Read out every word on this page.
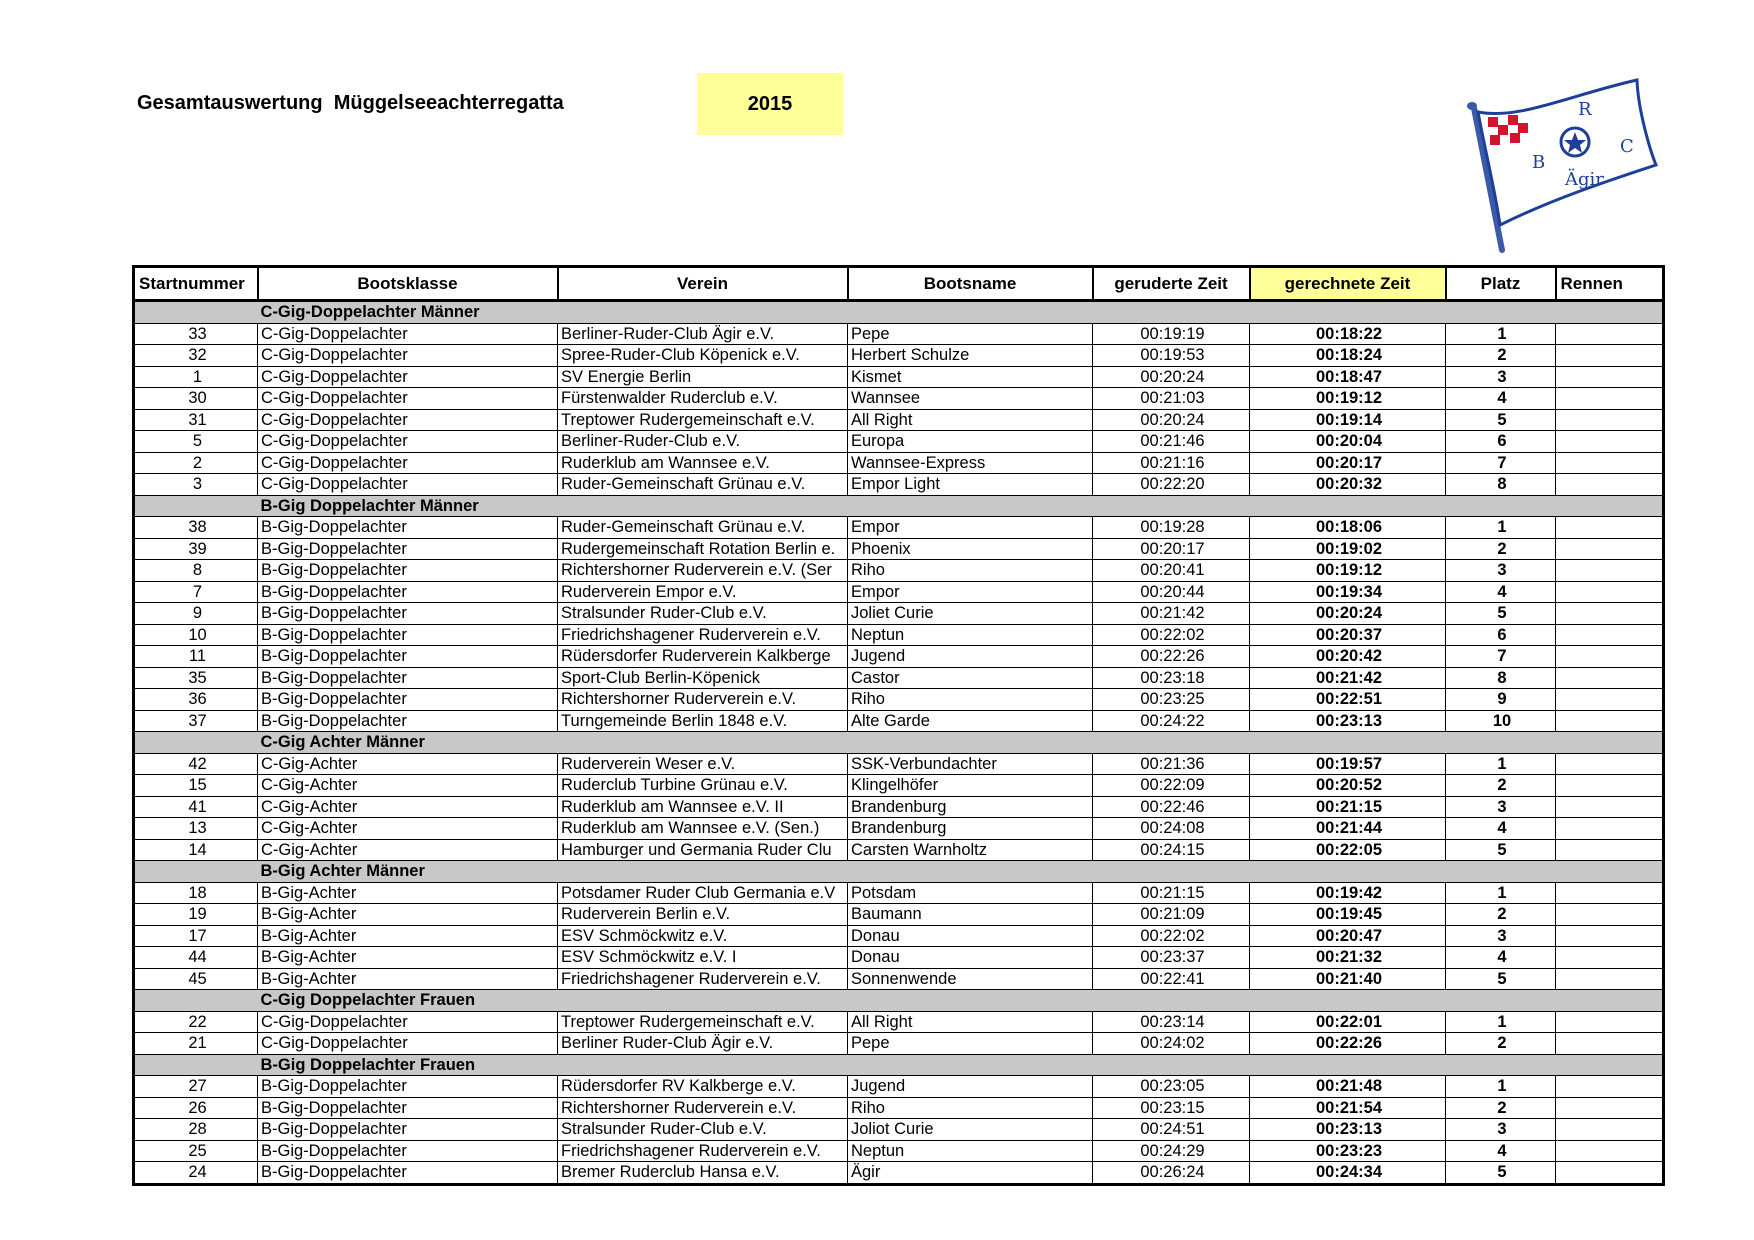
Gesamtauswertung  Müggelseeachterregatta	2015	R
B
C
Ägir
Startnummer	Bootsklasse	Verein	Bootsname	geruderte Zeit	gerechnete Zeit	Platz	Rennen
	C-Gig-Doppelachter Männer						
33	C-Gig-Doppelachter	Berliner-Ruder-Club Ägir e.V.	Pepe	00:19:19	00:18:22	1	
32	C-Gig-Doppelachter	Spree-Ruder-Club Köpenick e.V.	Herbert Schulze	00:19:53	00:18:24	2	
1	C-Gig-Doppelachter	SV Energie Berlin	Kismet	00:20:24	00:18:47	3	
30	C-Gig-Doppelachter	Fürstenwalder Ruderclub e.V.	Wannsee	00:21:03	00:19:12	4	
31	C-Gig-Doppelachter	Treptower Rudergemeinschaft e.V.	All Right	00:20:24	00:19:14	5	
5	C-Gig-Doppelachter	Berliner-Ruder-Club e.V.	Europa	00:21:46	00:20:04	6	
2	C-Gig-Doppelachter	Ruderklub am Wannsee e.V.	Wannsee-Express	00:21:16	00:20:17	7	
3	C-Gig-Doppelachter	Ruder-Gemeinschaft Grünau e.V.	Empor Light	00:22:20	00:20:32	8	
	B-Gig Doppelachter Männer						
38	B-Gig-Doppelachter	Ruder-Gemeinschaft Grünau e.V.	Empor	00:19:28	00:18:06	1	
39	B-Gig-Doppelachter	Rudergemeinschaft Rotation Berlin e.	Phoenix	00:20:17	00:19:02	2	
8	B-Gig-Doppelachter	Richtershorner Ruderverein e.V. (Ser	Riho	00:20:41	00:19:12	3	
7	B-Gig-Doppelachter	Ruderverein Empor e.V.	Empor	00:20:44	00:19:34	4	
9	B-Gig-Doppelachter	Stralsunder Ruder-Club e.V.	Joliet Curie	00:21:42	00:20:24	5	
10	B-Gig-Doppelachter	Friedrichshagener Ruderverein e.V.	Neptun	00:22:02	00:20:37	6	
11	B-Gig-Doppelachter	Rüdersdorfer Ruderverein Kalkberge	Jugend	00:22:26	00:20:42	7	
35	B-Gig-Doppelachter	Sport-Club Berlin-Köpenick	Castor	00:23:18	00:21:42	8	
36	B-Gig-Doppelachter	Richtershorner Ruderverein e.V.	Riho	00:23:25	00:22:51	9	
37	B-Gig-Doppelachter	Turngemeinde Berlin 1848 e.V.	Alte Garde	00:24:22	00:23:13	10	
	C-Gig Achter Männer						
42	C-Gig-Achter	Ruderverein Weser e.V.	SSK-Verbundachter	00:21:36	00:19:57	1	
15	C-Gig-Achter	Ruderclub Turbine Grünau e.V.	Klingelhöfer	00:22:09	00:20:52	2	
41	C-Gig-Achter	Ruderklub am Wannsee e.V. II	Brandenburg	00:22:46	00:21:15	3	
13	C-Gig-Achter	Ruderklub am Wannsee e.V. (Sen.)	Brandenburg	00:24:08	00:21:44	4	
14	C-Gig-Achter	Hamburger und Germania Ruder Clu	Carsten Warnholtz	00:24:15	00:22:05	5	
	B-Gig Achter Männer						
18	B-Gig-Achter	Potsdamer Ruder Club Germania e.V	Potsdam	00:21:15	00:19:42	1	
19	B-Gig-Achter	Ruderverein Berlin e.V.	Baumann	00:21:09	00:19:45	2	
17	B-Gig-Achter	ESV Schmöckwitz e.V.	Donau	00:22:02	00:20:47	3	
44	B-Gig-Achter	ESV Schmöckwitz e.V. I	Donau	00:23:37	00:21:32	4	
45	B-Gig-Achter	Friedrichshagener Ruderverein e.V.	Sonnenwende	00:22:41	00:21:40	5	
	C-Gig Doppelachter Frauen						
22	C-Gig-Doppelachter	Treptower Rudergemeinschaft e.V.	All Right	00:23:14	00:22:01	1	
21	C-Gig-Doppelachter	Berliner Ruder-Club Ägir e.V.	Pepe	00:24:02	00:22:26	2	
	B-Gig Doppelachter Frauen						
27	B-Gig-Doppelachter	Rüdersdorfer RV Kalkberge e.V.	Jugend	00:23:05	00:21:48	1	
26	B-Gig-Doppelachter	Richtershorner Ruderverein e.V.	Riho	00:23:15	00:21:54	2	
28	B-Gig-Doppelachter	Stralsunder Ruder-Club e.V.	Joliot Curie	00:24:51	00:23:13	3	
25	B-Gig-Doppelachter	Friedrichshagener Ruderverein e.V.	Neptun	00:24:29	00:23:23	4	
24	B-Gig-Doppelachter	Bremer Ruderclub Hansa e.V.	Ägir	00:26:24	00:24:34	5	
